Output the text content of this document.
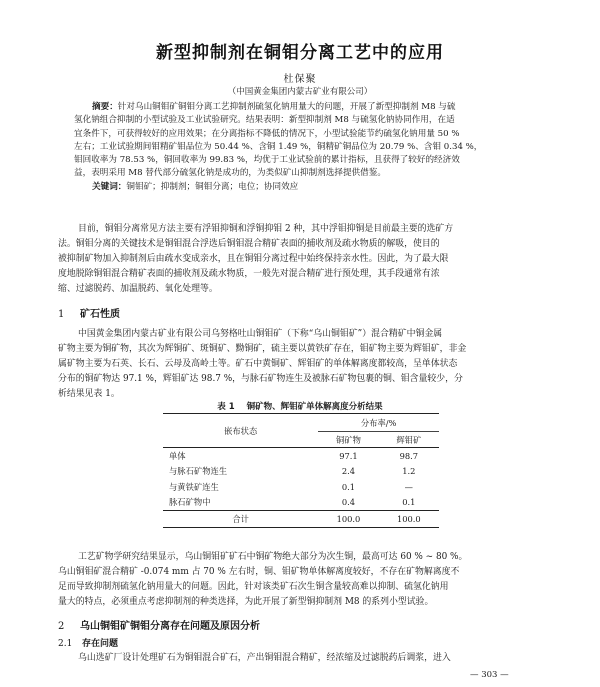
新型抑制剂在铜钼分离工艺中的应用
杜保聚
（中国黄金集团内蒙古矿业有限公司）
摘要：针对乌山铜钼矿铜钼分离工艺抑制剂硫氢化钠用量大的问题，开展了新型抑制剂 M8 与硫
氢化钠组合抑制的小型试验及工业试验研究。结果表明：新型抑制剂 M8 与硫氢化钠协同作用，在适
宜条件下，可获得较好的应用效果；在分离指标不降低的情况下，小型试验能节约硫氢化钠用量 50 %
左右；工业试验期间钼精矿钼品位为 50.44 %、含铜 1.49 %，铜精矿铜品位为 20.79 %、含钼 0.34 %，
钼回收率为 78.53 %，铜回收率为 99.83 %，均优于工业试验前的累计指标，且获得了较好的经济效
益，表明采用 M8 替代部分硫氢化钠是成功的，为类似矿山抑制剂选择提供借鉴。
关键词：铜钼矿；抑制剂；铜钼分离；电位；协同效应
目前，铜钼分离常见方法主要有浮钼抑铜和浮铜抑钼 2 种，其中浮钼抑铜是目前最主要的选矿方
法。铜钼分离的关键技术是铜钼混合浮选后铜钼混合精矿表面的捕收剂及疏水物质的解吸，使目的
被抑制矿物加入抑制剂后由疏水变成亲水，且在铜钼分离过程中始终保持亲水性。因此，为了最大限
度地脱除铜钼混合精矿表面的捕收剂及疏水物质，一般先对混合精矿进行预处理，其手段通常有浓
缩、过滤脱药、加温脱药、氧化处理等。
1 矿石性质
中国黄金集团内蒙古矿业有限公司乌努格吐山铜钼矿（下称“乌山铜钼矿”）混合精矿中铜金属
矿物主要为铜矿物，其次为辉铜矿、斑铜矿、黝铜矿，硫主要以黄铁矿存在，钼矿物主要为辉钼矿，非金
属矿物主要为石英、长石、云母及高岭土等。矿石中黄铜矿、辉钼矿的单体解离度都较高，呈单体状态
分布的铜矿物达 97.1 %，辉钼矿达 98.7 %，与脉石矿物连生及被脉石矿物包裹的铜、钼含量较少，分
析结果见表 1。
表 1 铜矿物、辉钼矿单体解离度分析结果
嵌布状态	分布率/%	
	铜矿物	辉钼矿
单体	97.1	98.7
与脉石矿物连生	2.4	1.2
与黄铁矿连生	0.1	—
脉石矿物中	0.4	0.1
合计	100.0	100.0
工艺矿物学研究结果显示，乌山铜钼矿矿石中铜矿物绝大部分为次生铜，最高可达 60 % ~ 80 %。
乌山铜钼矿混合精矿 -0.074 mm 占 70 % 左右时，铜、钼矿物单体解离度较好，不存在矿物解离度不
足而导致抑制剂硫氢化钠用量大的问题。因此，针对该类矿石次生铜含量较高难以抑制、硫氢化钠用
量大的特点，必须重点考虑抑制剂的种类选择，为此开展了新型铜抑制剂 M8 的系列小型试验。
2 乌山铜钼矿铜钼分离存在问题及原因分析
2.1 存在问题
乌山选矿厂设计处理矿石为铜钼混合矿石，产出铜钼混合精矿，经浓缩及过滤脱药后调浆，进入
— 303 —
